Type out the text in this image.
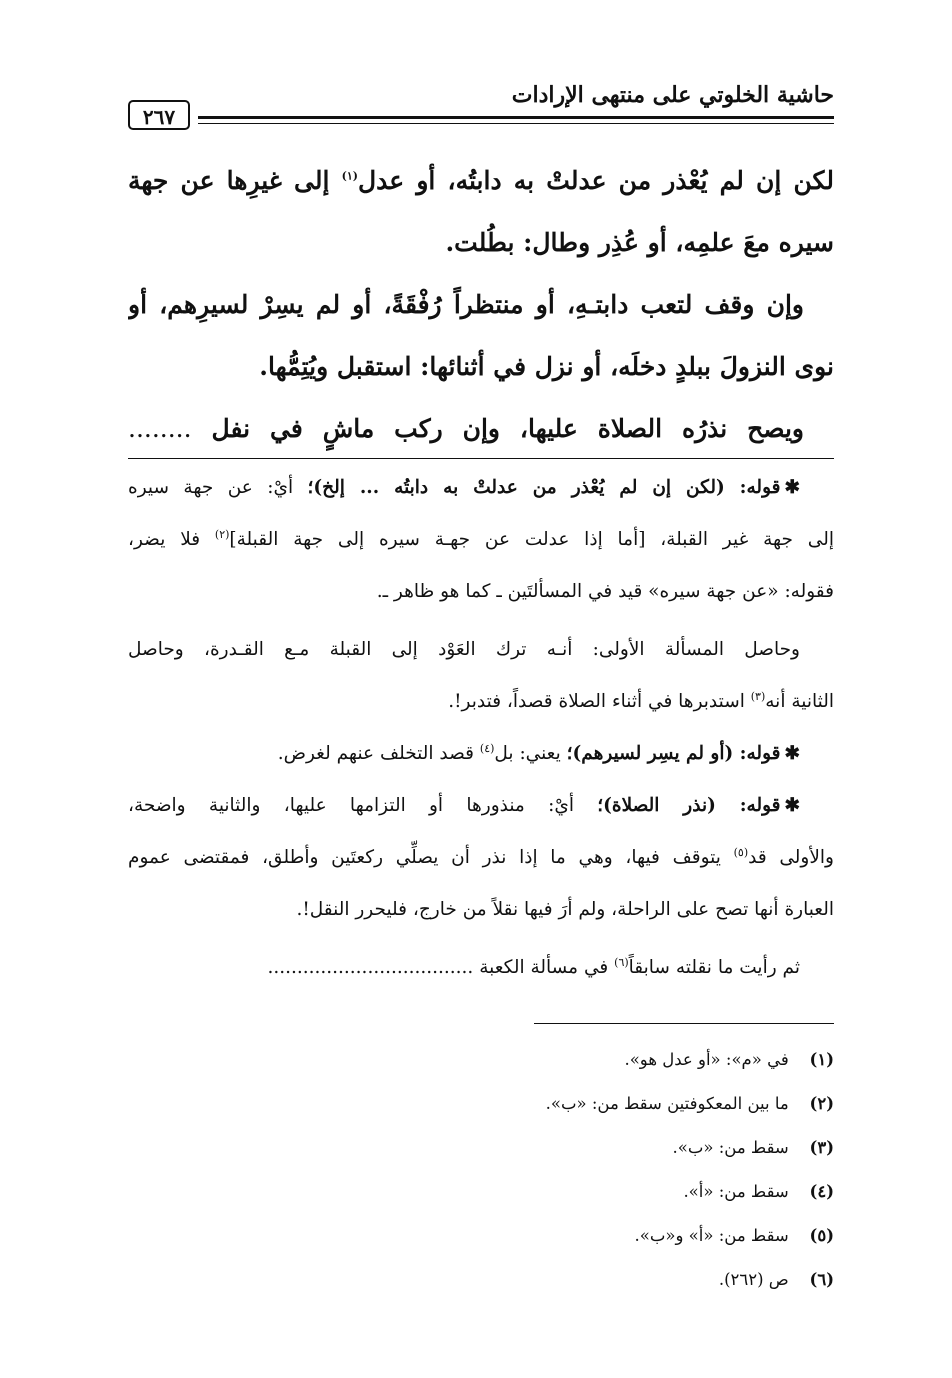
حاشية الخلوتي على منتهى الإرادات
٢٦٧
لكن إن لم يُعْذر من عدلتْ به دابتُه، أو عدل$^{(١)}$ إلى غيرِها عن جهة
سيره معَ علمِه، أو عُذِر وطال: بطُلت.
وإن وقف لتعب دابتـهِ، أو منتظراً رُفْقَةً، أو لم يسِرْ لسيرِهم، أو
نوى النزولَ ببلدٍ دخلَه، أو نزل في أثنائها: استقبل ويُتِمُّها.
ويصح نذرُه الصلاة عليها، وإن ركب ماشٍ في نفل ........
✱قوله: (لكن إن لم يُعْذر من عدلتْ به دابتُه ... إلخ)؛ أيْ: عن جهة سيره
إلى جهة غير القبلة، [أما إذا عدلت عن جهـة سيره إلى جهة القبلة]$^{(٢)}$ فلا يضر،
فقوله: «عن جهة سيره» قيد في المسألتَين ـ كما هو ظاهر ـ.
وحاصل المسألة الأولى: أنـه ترك العَوْد إلى القبلة مـع القـدرة، وحاصل
الثانية أنه$^{(٣)}$ استدبرها في أثناء الصلاة قصداً، فتدبر!.
✱قوله: (أو لم يسِر لسيرهم)؛ يعني: بل$^{(٤)}$ قصد التخلف عنهم لغرض.
✱قوله: (نذر الصلاة)؛ أيْ: منذورها أو التزامها عليها، والثانية واضحة،
والأولى قد$^{(٥)}$ يتوقف فيها، وهي ما إذا نذر أن يصلِّي ركعتَين وأطلق، فمقتضى عموم
العبارة أنها تصح على الراحلة، ولم أرَ فيها نقلاً من خارج، فليحرر النقل!.
ثم رأيت ما نقلته سابقاً$^{(٦)}$ في مسألة الكعبة ...................................
(١) في «م»: «أو عدل هو».
(٢) ما بين المعكوفتين سقط من: «ب».
(٣) سقط من: «ب».
(٤) سقط من: «أ».
(٥) سقط من: «أ» و«ب».
(٦) ص (٢٦٢).
